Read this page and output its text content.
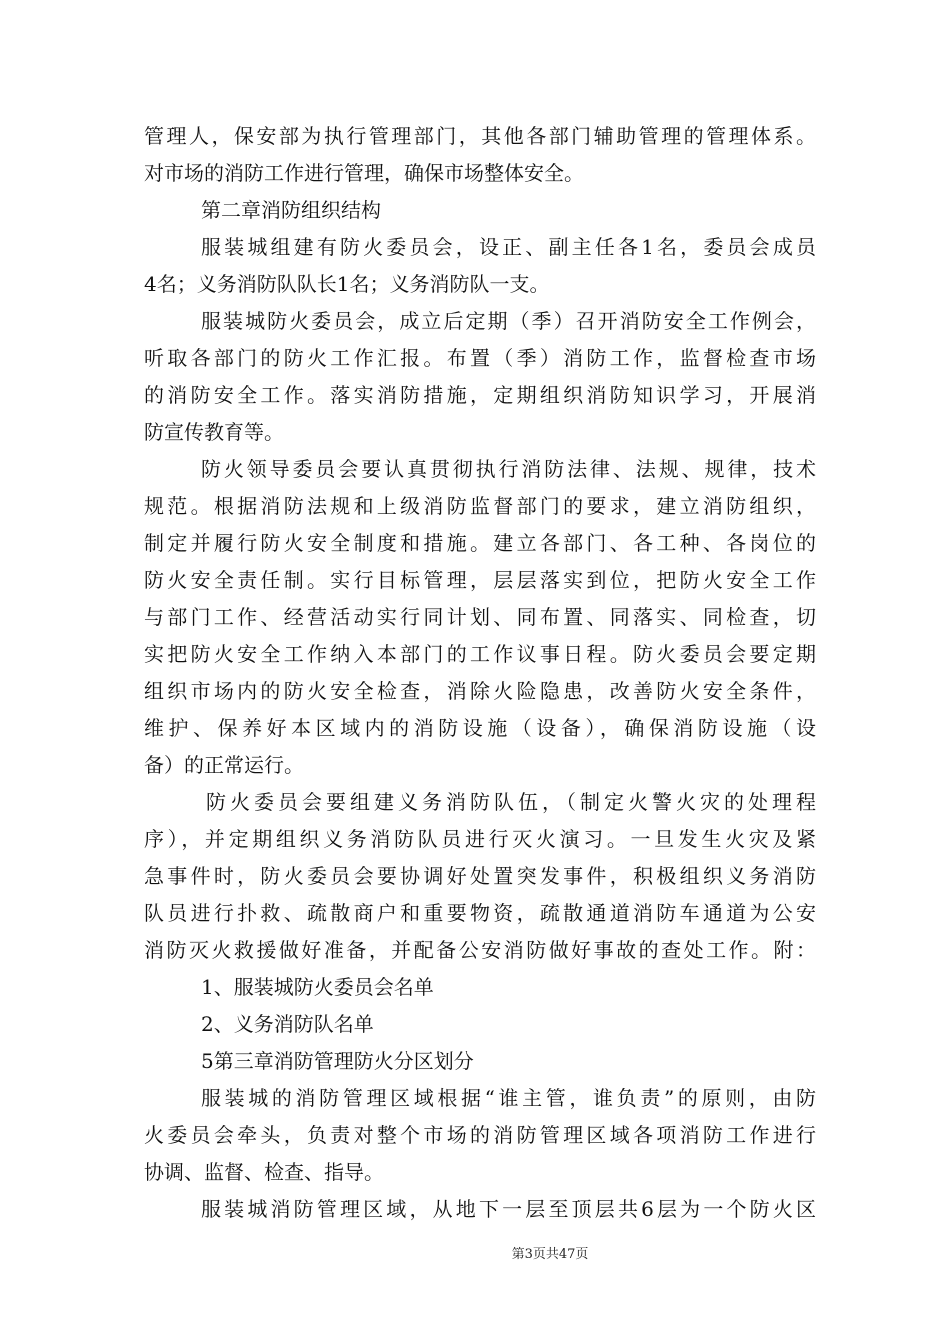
管理人，保安部为执行管理部门，其他各部门辅助管理的管理体系。
对市场的消防工作进行管理，确保市场整体安全。
第二章消防组织结构
服装城组建有防火委员会，设正、副主任各1名，委员会成员
4名；义务消防队队长1名；义务消防队一支。
服装城防火委员会，成立后定期（季）召开消防安全工作例会，
听取各部门的防火工作汇报。布置（季）消防工作，监督检查市场
的消防安全工作。落实消防措施，定期组织消防知识学习，开展消
防宣传教育等。
防火领导委员会要认真贯彻执行消防法律、法规、规律，技术
规范。根据消防法规和上级消防监督部门的要求，建立消防组织，
制定并履行防火安全制度和措施。建立各部门、各工种、各岗位的
防火安全责任制。实行目标管理，层层落实到位，把防火安全工作
与部门工作、经营活动实行同计划、同布置、同落实、同检查，切
实把防火安全工作纳入本部门的工作议事日程。防火委员会要定期
组织市场内的防火安全检查，消除火险隐患，改善防火安全条件，
维护、保养好本区域内的消防设施（设备），确保消防设施（设
备）的正常运行。
防火委员会要组建义务消防队伍，（制定火警火灾的处理程
序），并定期组织义务消防队员进行灭火演习。一旦发生火灾及紧
急事件时，防火委员会要协调好处置突发事件，积极组织义务消防
队员进行扑救、疏散商户和重要物资，疏散通道消防车通道为公安
消防灭火救援做好准备，并配备公安消防做好事故的查处工作。附：
1、服装城防火委员会名单
2、义务消防队名单
5第三章消防管理防火分区划分
服装城的消防管理区域根据“谁主管，谁负责”的原则，由防
火委员会牵头，负责对整个市场的消防管理区域各项消防工作进行
协调、监督、检查、指导。
服装城消防管理区域，从地下一层至顶层共6层为一个防火区
第3页共47页
